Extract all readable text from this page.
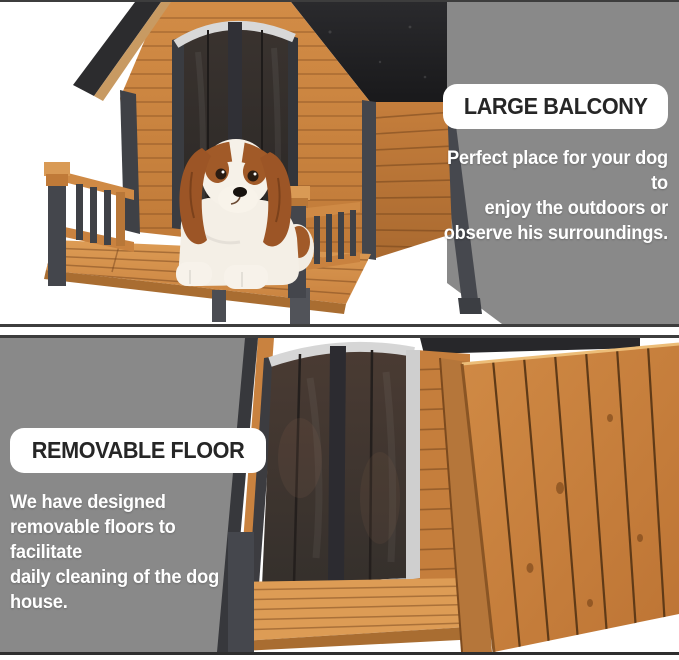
LARGE BALCONY
Perfect place for your dog to
enjoy the outdoors or
observe his surroundings.
REMOVABLE FLOOR
We have designed
removable floors to facilitate
daily cleaning of the dog
house.
